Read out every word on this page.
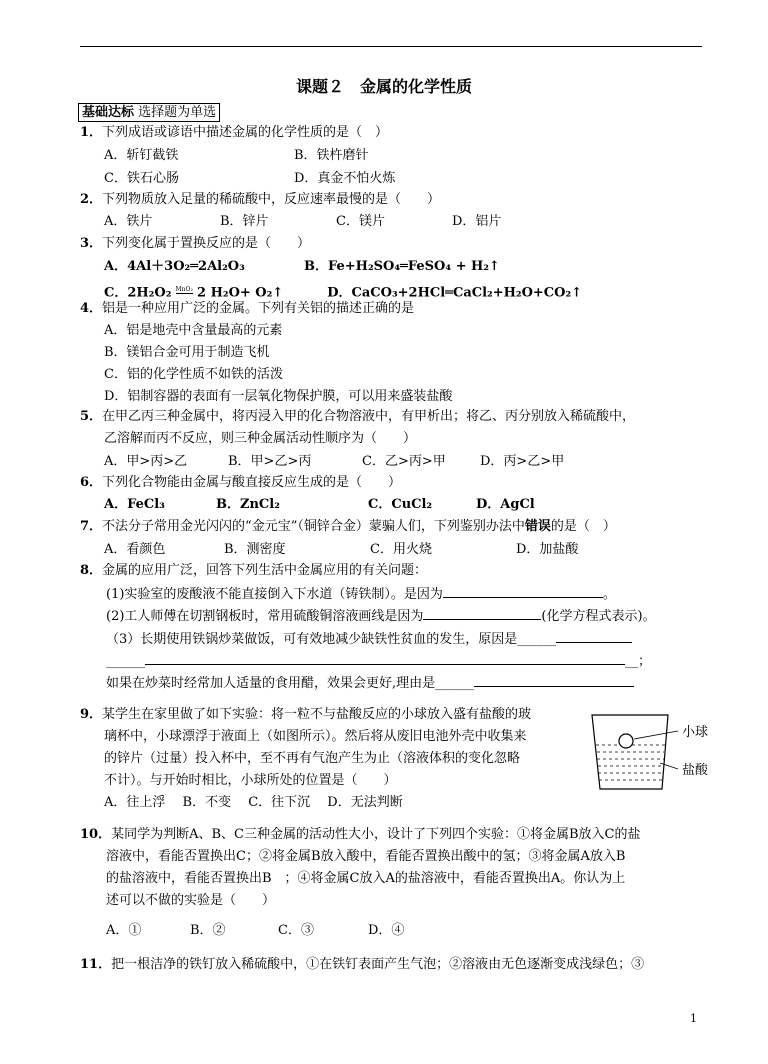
课题２　金属的化学性质
基础达标 选择题为单选
1．下列成语或谚语中描述金属的化学性质的是（　）
A．斩钉截铁	B．铁杵磨针
C．铁石心肠	D．真金不怕火炼
2．下列物质放入足量的稀硫酸中，反应速率最慢的是（　　）
A．铁片	B．锌片	C．镁片	D．铝片
3．下列变化属于置换反应的是（　　）
A．4Al＋3O₂═2Al₂O₃	B．Fe+H₂SO₄═FeSO₄ + H₂↑
C．2H₂O₂ $^{MnO_2}$ 2 H₂O+ O₂↑	D．CaCO₃+2HCl═CaCl₂+H₂O+CO₂↑
4．铝是一种应用广泛的金属。下列有关铝的描述正确的是
A．铝是地壳中含量最高的元素
B．镁铝合金可用于制造飞机
C．铝的化学性质不如铁的活泼
D．铝制容器的表面有一层氧化物保护膜，可以用来盛装盐酸
5．在甲乙丙三种金属中，将丙浸入甲的化合物溶液中，有甲析出；将乙、丙分别放入稀硫酸中，
乙溶解而丙不反应，则三种金属活动性顺序为（　　）
A．甲>丙>乙	B．甲>乙>丙	C．乙>丙>甲	D．丙>乙>甲
6．下列化合物能由金属与酸直接反应生成的是（　　）
A．FeCl₃	B．ZnCl₂	C．CuCl₂	D．AgCl
7．不法分子常用金光闪闪的“金元宝”（铜锌合金）蒙骗人们，下列鉴别办法中错误的是（　）
A．看颜色	B．测密度	C．用火烧	D．加盐酸
8．金属的应用广泛，回答下列生活中金属应用的有关问题：
(1)实验室的废酸液不能直接倒入下水道（铸铁制）。是因为	。
(2)工人师傅在切割钢板时，常用硫酸铜溶液画线是因为	(化学方程式表示)。
（3）长期使用铁锅炒菜做饭，可有效地减少缺铁性贫血的发生，原因是______
______	__；
如果在炒菜时经常加人适量的食用醋，效果会更好,理由是______
9．某学生在家里做了如下实验：将一粒不与盐酸反应的小球放入盛有盐酸的玻
璃杯中，小球漂浮于液面上（如图所示）。然后将从废旧电池外壳中收集来
的锌片（过量）投入杯中，至不再有气泡产生为止（溶液体积的变化忽略
不计）。与开始时相比，小球所处的位置是（　　）
A．往上浮　 B．不变　 C．往下沉　 D．无法判断
小球
盐酸
10．某同学为判断A、B、C三种金属的活动性大小，设计了下列四个实验：①将金属B放入C的盐
溶液中，看能否置换出C；②将金属B放入酸中，看能否置换出酸中的氢；③将金属A放入B
的盐溶液中，看能否置换出B　；④将金属C放入A的盐溶液中，看能否置换出A。你认为上
述可以不做的实验是（　　）
A．①	B．②	C．③	D．④
11．把一根洁净的铁钉放入稀硫酸中，①在铁钉表面产生气泡；②溶液由无色逐渐变成浅绿色；③
1
